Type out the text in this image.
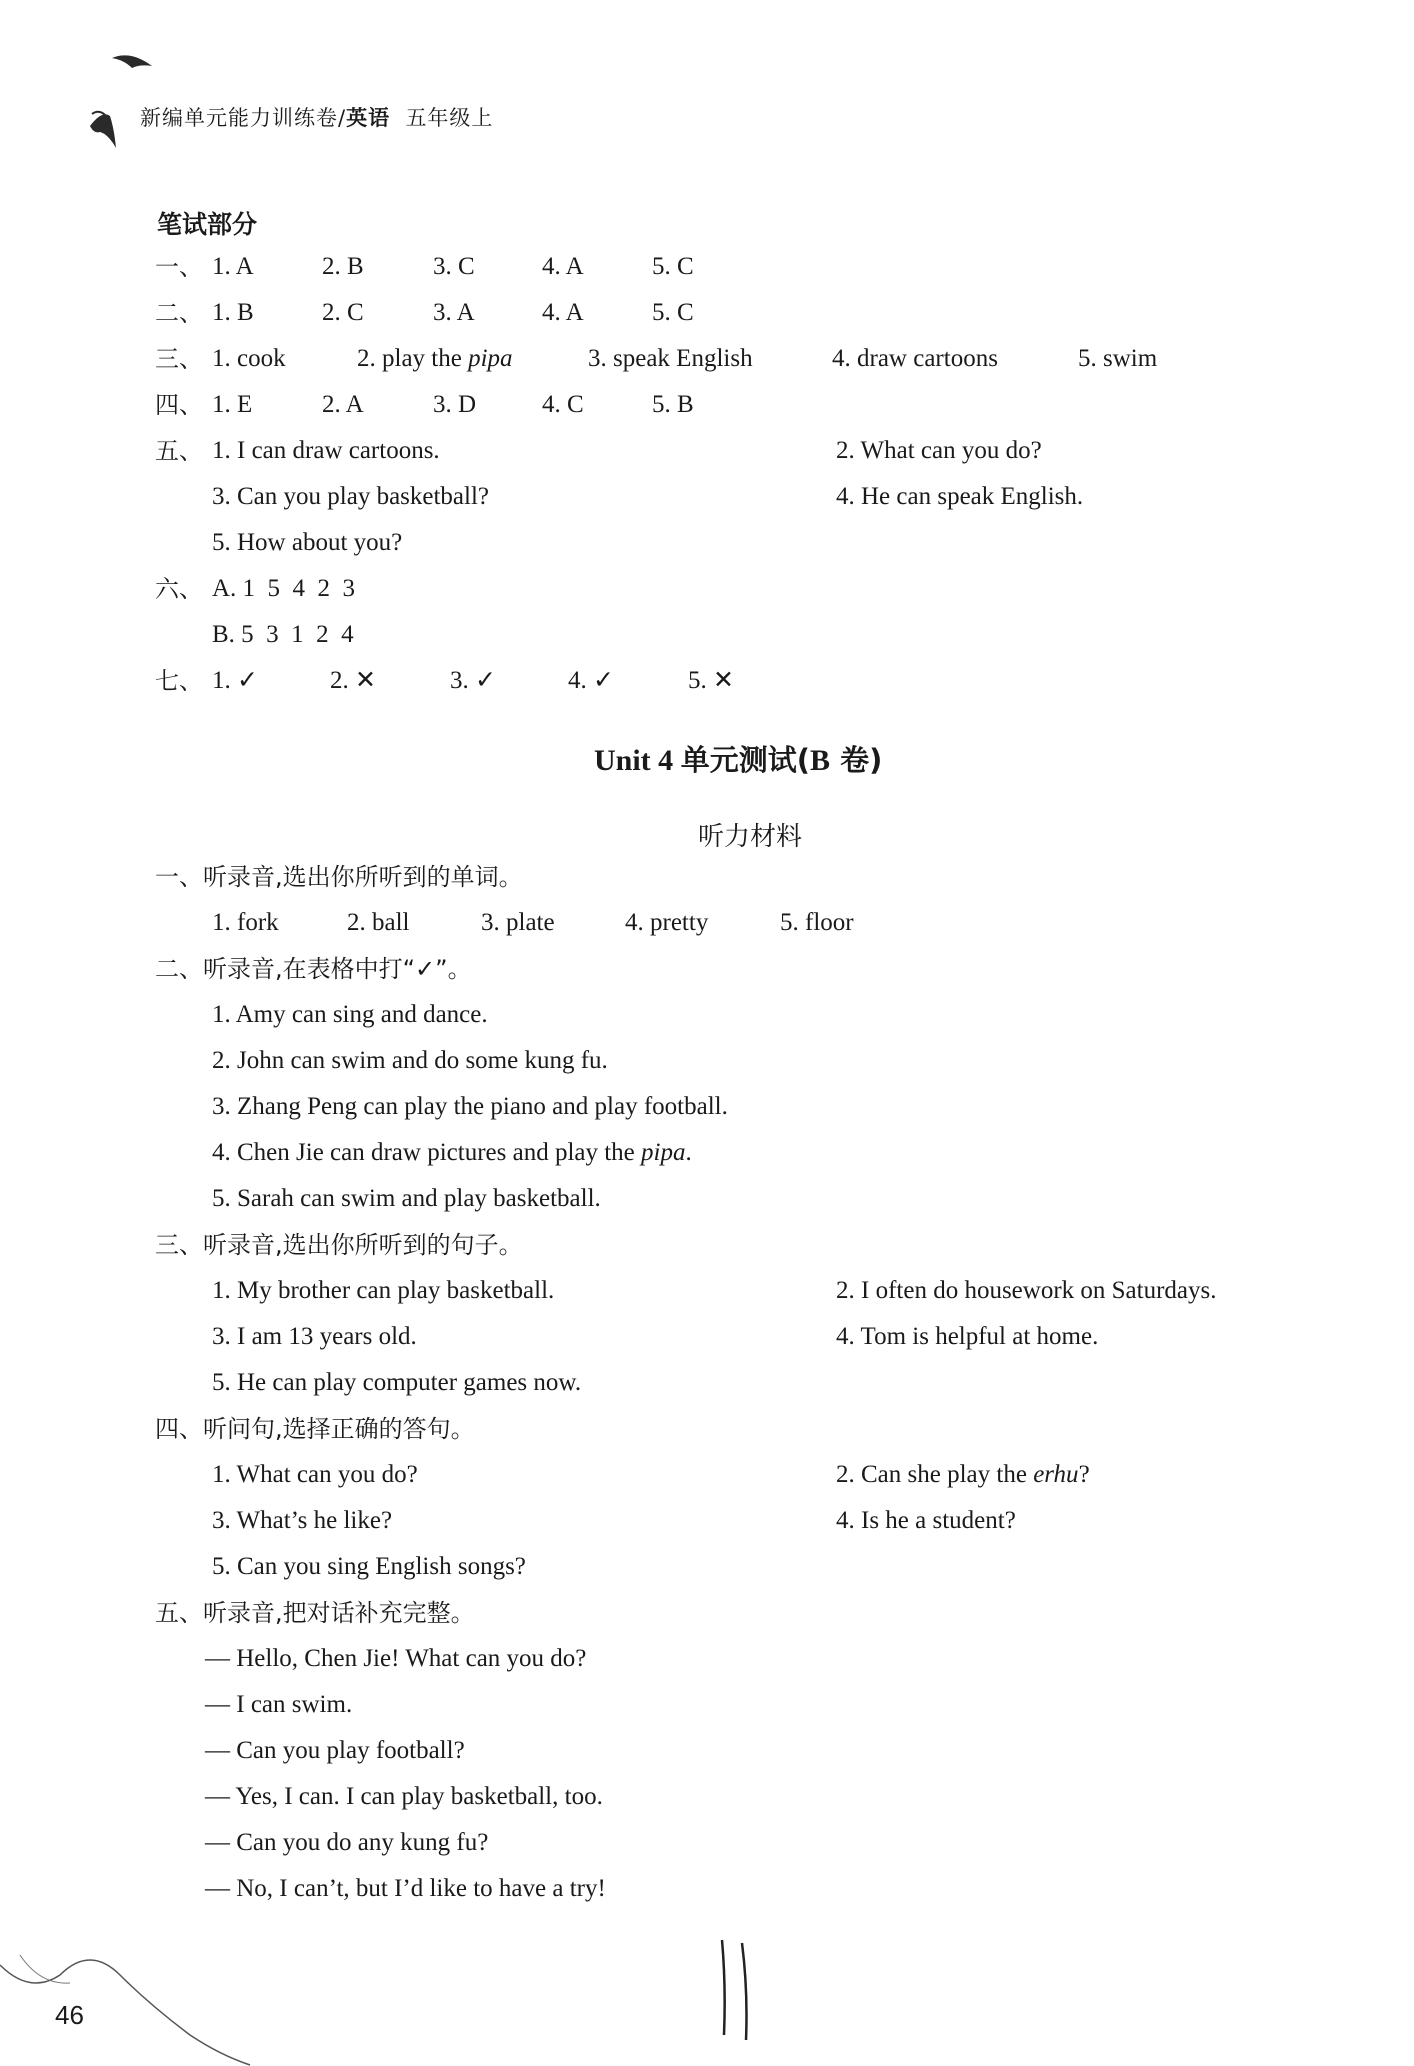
新编单元能力训练卷/英语 五年级上
笔试部分
一、 1. A	2. B	3. C	4. A	5. C
二、 1. B	2. C	3. A	4. A	5. C
三、 1. cook	2. play the pipa	3. speak English	4. draw cartoons	5. swim
四、 1. E	2. A	3. D	4. C	5. B
五、 1. I can draw cartoons.	2. What can you do?
3. Can you play basketball?	4. He can speak English.
5. How about you?
六、 A. 1  5  4  2  3
B. 5  3  1  2  4
七、 1. ✓	2. ✕	3. ✓	4. ✓	5. ✕
Unit 4 单元测试(B 卷)
听力材料
一、听录音,选出你所听到的单词。
1. fork	2. ball	3. plate	4. pretty	5. floor
二、听录音,在表格中打“✓”。
1. Amy can sing and dance.
2. John can swim and do some kung fu.
3. Zhang Peng can play the piano and play football.
4. Chen Jie can draw pictures and play the pipa.
5. Sarah can swim and play basketball.
三、听录音,选出你所听到的句子。
1. My brother can play basketball.	2. I often do housework on Saturdays.
3. I am 13 years old.	4. Tom is helpful at home.
5. He can play computer games now.
四、听问句,选择正确的答句。
1. What can you do?	2. Can she play the erhu?
3. What’s he like?	4. Is he a student?
5. Can you sing English songs?
五、听录音,把对话补充完整。
— Hello, Chen Jie! What can you do?
— I can swim.
— Can you play football?
— Yes, I can. I can play basketball, too.
— Can you do any kung fu?
— No, I can’t, but I’d like to have a try!
46
